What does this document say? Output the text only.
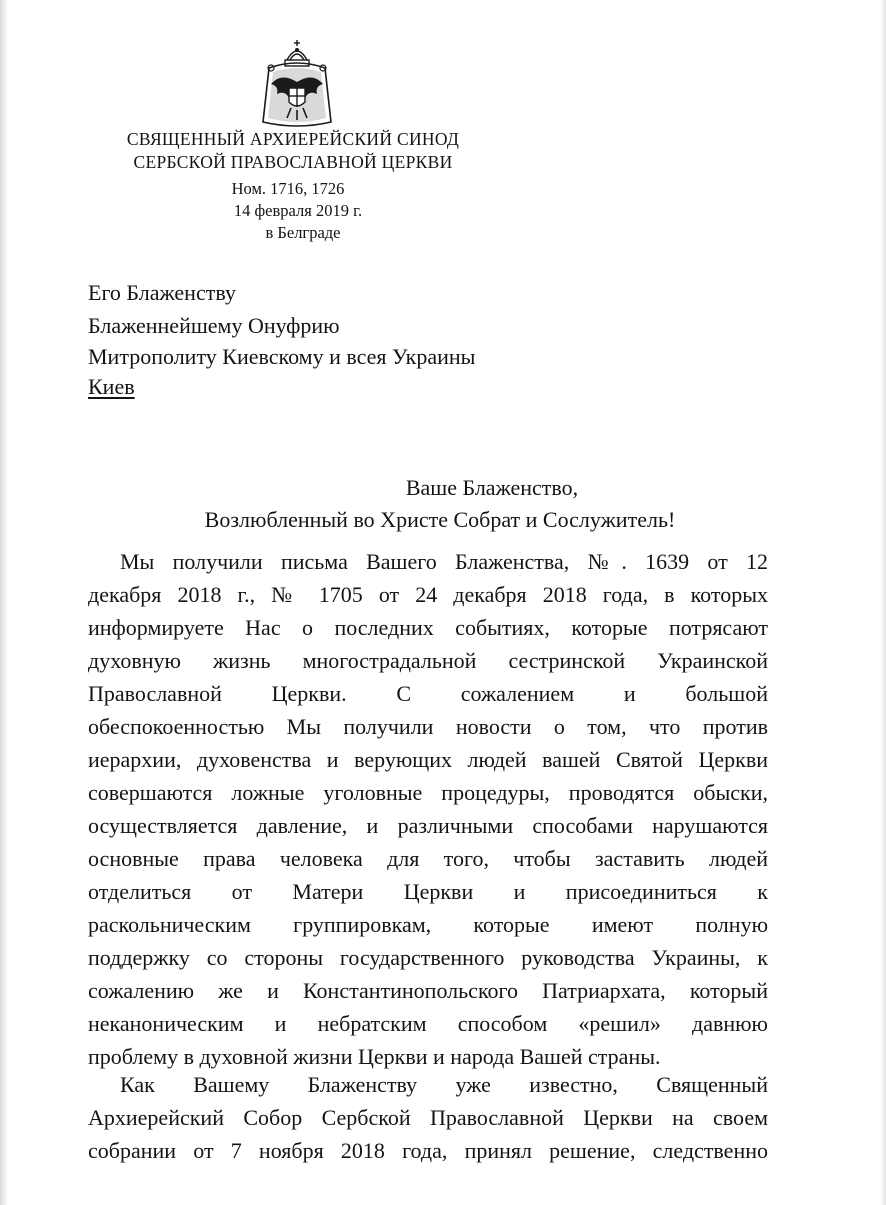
СВЯЩЕННЫЙ АРХИЕРЕЙСКИЙ СИНОД
СЕРБСКОЙ ПРАВОСЛАВНОЙ ЦЕРКВИ
Ном. 1716, 1726
14 февраля 2019 г.
в Белграде
Его Блаженству
Блаженнейшему Онуфрию
Митрополиту Киевскому и всея Украины
Киев
Ваше Блаженство,
Возлюбленный во Христе Собрат и Сослужитель!
Мы получили письма Вашего Блаженства, №. 1639 от 12
декабря 2018 г., № 1705 от 24 декабря 2018 года, в которых
информируете Нас о последних событиях, которые потрясают
духовную жизнь многострадальной сестринской Украинской
Православной Церкви. С сожалением и большой
обеспокоенностью Мы получили новости о том, что против
иерархии, духовенства и верующих людей вашей Святой Церкви
совершаются ложные уголовные процедуры, проводятся обыски,
осуществляется давление, и различными способами нарушаются
основные права человека для того, чтобы заставить людей
отделиться от Матери Церкви и присоединиться к
раскольническим группировкам, которые имеют полную
поддержку со стороны государственного руководства Украины, к
сожалению же и Константинопольского Патриархата, который
неканоническим и небратским способом «решил» давнюю
проблему в духовной жизни Церкви и народа Вашей страны.
Как Вашему Блаженству уже известно, Священный
Архиерейский Собор Сербской Православной Церкви на своем
собрании от 7 ноября 2018 года, принял решение, следственно
